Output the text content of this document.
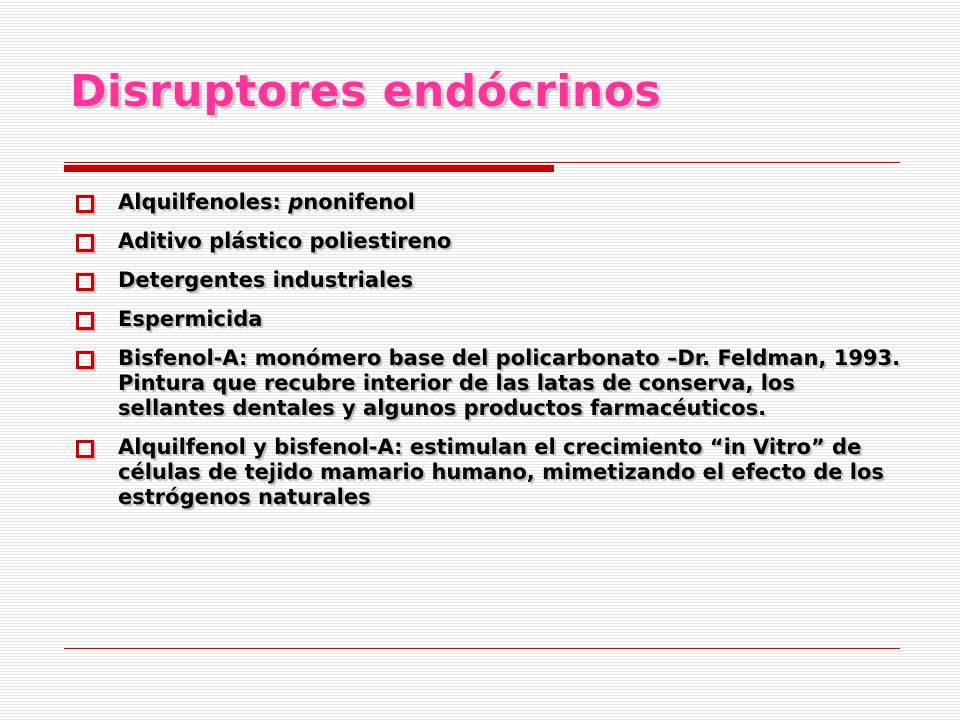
Disruptores endócrinos
Alquilfenoles: pnonifenol
Aditivo plástico poliestireno
Detergentes industriales
Espermicida
Bisfenol-A: monómero base del policarbonato –Dr. Feldman, 1993. Pintura que recubre interior de las latas de conserva, los sellantes dentales y algunos productos farmacéuticos.
Alquilfenol y bisfenol-A: estimulan el crecimiento “in Vitro” de células de tejido mamario humano, mimetizando el efecto de los estrógenos naturales
